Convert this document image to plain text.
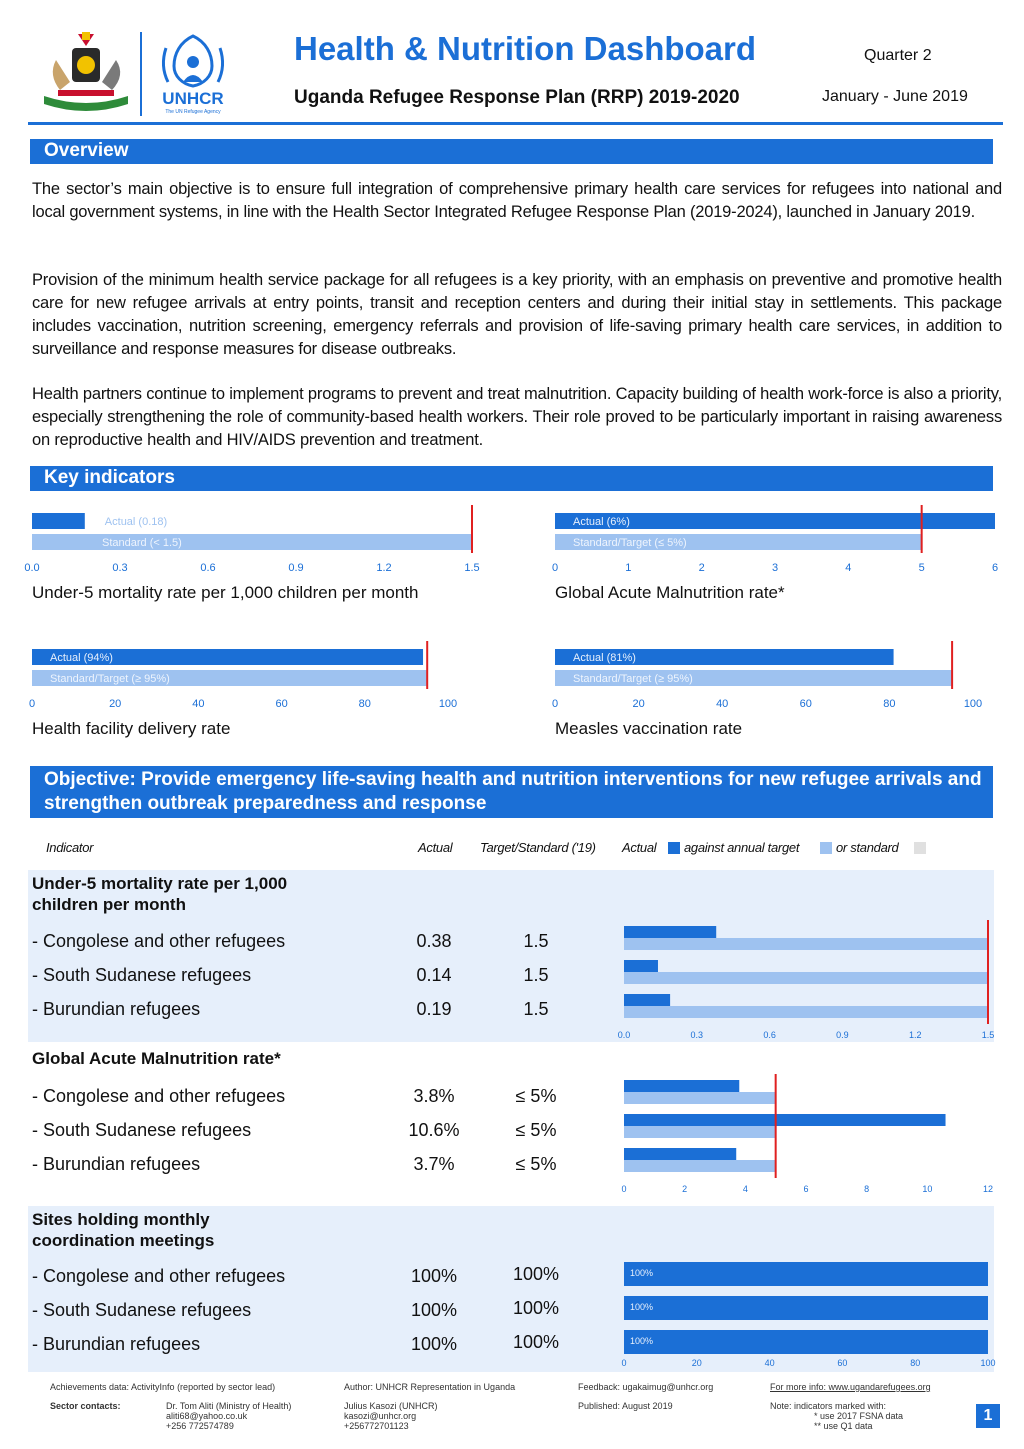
UNHCR
The UN Refugee Agency
Health & Nutrition Dashboard
Uganda Refugee Response Plan (RRP) 2019-2020
Quarter 2
January - June 2019
Overview

The sector’s main objective is to ensure full integration of comprehensive primary health care services for refugees into national and local government systems, in line with the Health Sector Integrated Refugee Response Plan (2019-2024), launched in January 2019.

Provision of the minimum health service package for all refugees is a key priority, with an emphasis on preventive and promotive health care for new refugee arrivals at entry points, transit and reception centers and during their initial stay in settlements. This package includes vaccination, nutrition screening, emergency referrals and provision of life-saving primary health care services, in addition to surveillance and response measures for disease outbreaks.

Health partners continue to implement programs to prevent and treat malnutrition. Capacity building of health work-force is also a priority, especially strengthening the role of community-based health workers. Their role proved to be particularly important in raising awareness on reproductive health and HIV/AIDS prevention and treatment.

Key indicators
Actual (0.18)
Standard (< 1.5)
0.0	0.3	0.6	0.9	1.2	1.5
Under-5 mortality rate per 1,000 children per month
Actual (6%)
Standard/Target (≤ 5%)
0	1	2	3	4	5	6
Global Acute Malnutrition rate*
Actual (94%)
Standard/Target (≥ 95%)
0	20	40	60	80	100
Health facility delivery rate
Actual (81%)
Standard/Target (≥ 95%)
0	20	40	60	80	100
Measles vaccination rate
Objective: Provide emergency life-saving health and nutrition interventions for new refugee arrivals and strengthen outbreak preparedness and response
Indicator	Actual Target/Standard ('19) Actual against annual target	or standard
Under-5 mortality rate per 1,000 children per month
- Congolese and other refugees	0.38	1.5
- South Sudanese refugees	0.14	1.5
- Burundian refugees	0.19	1.5
0.0	0.3	0.6	0.9	1.2	1.5
Global Acute Malnutrition rate*
- Congolese and other refugees	3.8%	≤ 5%
- South Sudanese refugees	10.6%	≤ 5%
- Burundian refugees	3.7%	≤ 5%
0	2	4	6	8	10	12
Sites holding monthly coordination meetings
- Congolese and other refugees	100%	100%
- South Sudanese refugees	100%	100%
- Burundian refugees	100%	100%
100%
100%
100%
0	20	40	60	80	100
Achievements data: ActivityInfo (reported by sector lead)	Author: UNHCR Representation in Uganda	Feedback: ugakaimug@unhcr.org	For more info: www.ugandarefugees.org
Sector contacts:	Dr. Tom Aliti (Ministry of Health)
aliti68@yahoo.co.uk
+256 772574789
Julius Kasozi (UNHCR)
kasozi@unhcr.org
+256772701123
Published: August 2019	Note: indicators marked with:
* use 2017 FSNA data
** use Q1 data
1
